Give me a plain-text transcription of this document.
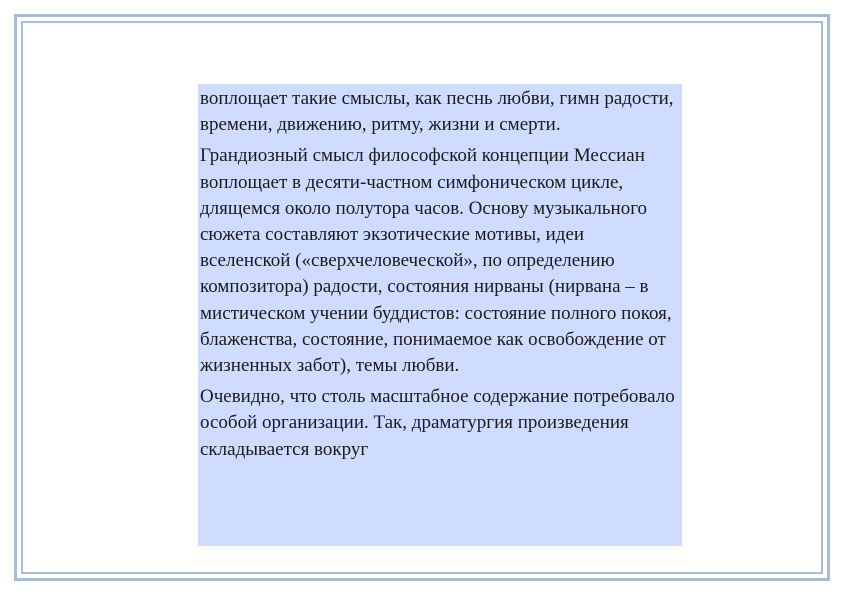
воплощает такие смыслы, как песнь любви, гимн радости, времени, движению, ритму, жизни и смерти.

Грандиозный смысл философской концепции Мессиан воплощает в десяти-частном симфоническом цикле, длящемся около полутора часов. Основу музыкального сюжета составляют экзотические мотивы, идеи вселенской («сверхчеловеческой», по определению композитора) радости, состояния нирваны (нирвана – в мистическом учении буддистов: состояние полного покоя, блаженства, состояние, понимаемое как освобождение от жизненных забот), темы любви.

Очевидно, что столь масштабное содержание потребовало особой организации. Так, драматургия произведения складывается вокруг
